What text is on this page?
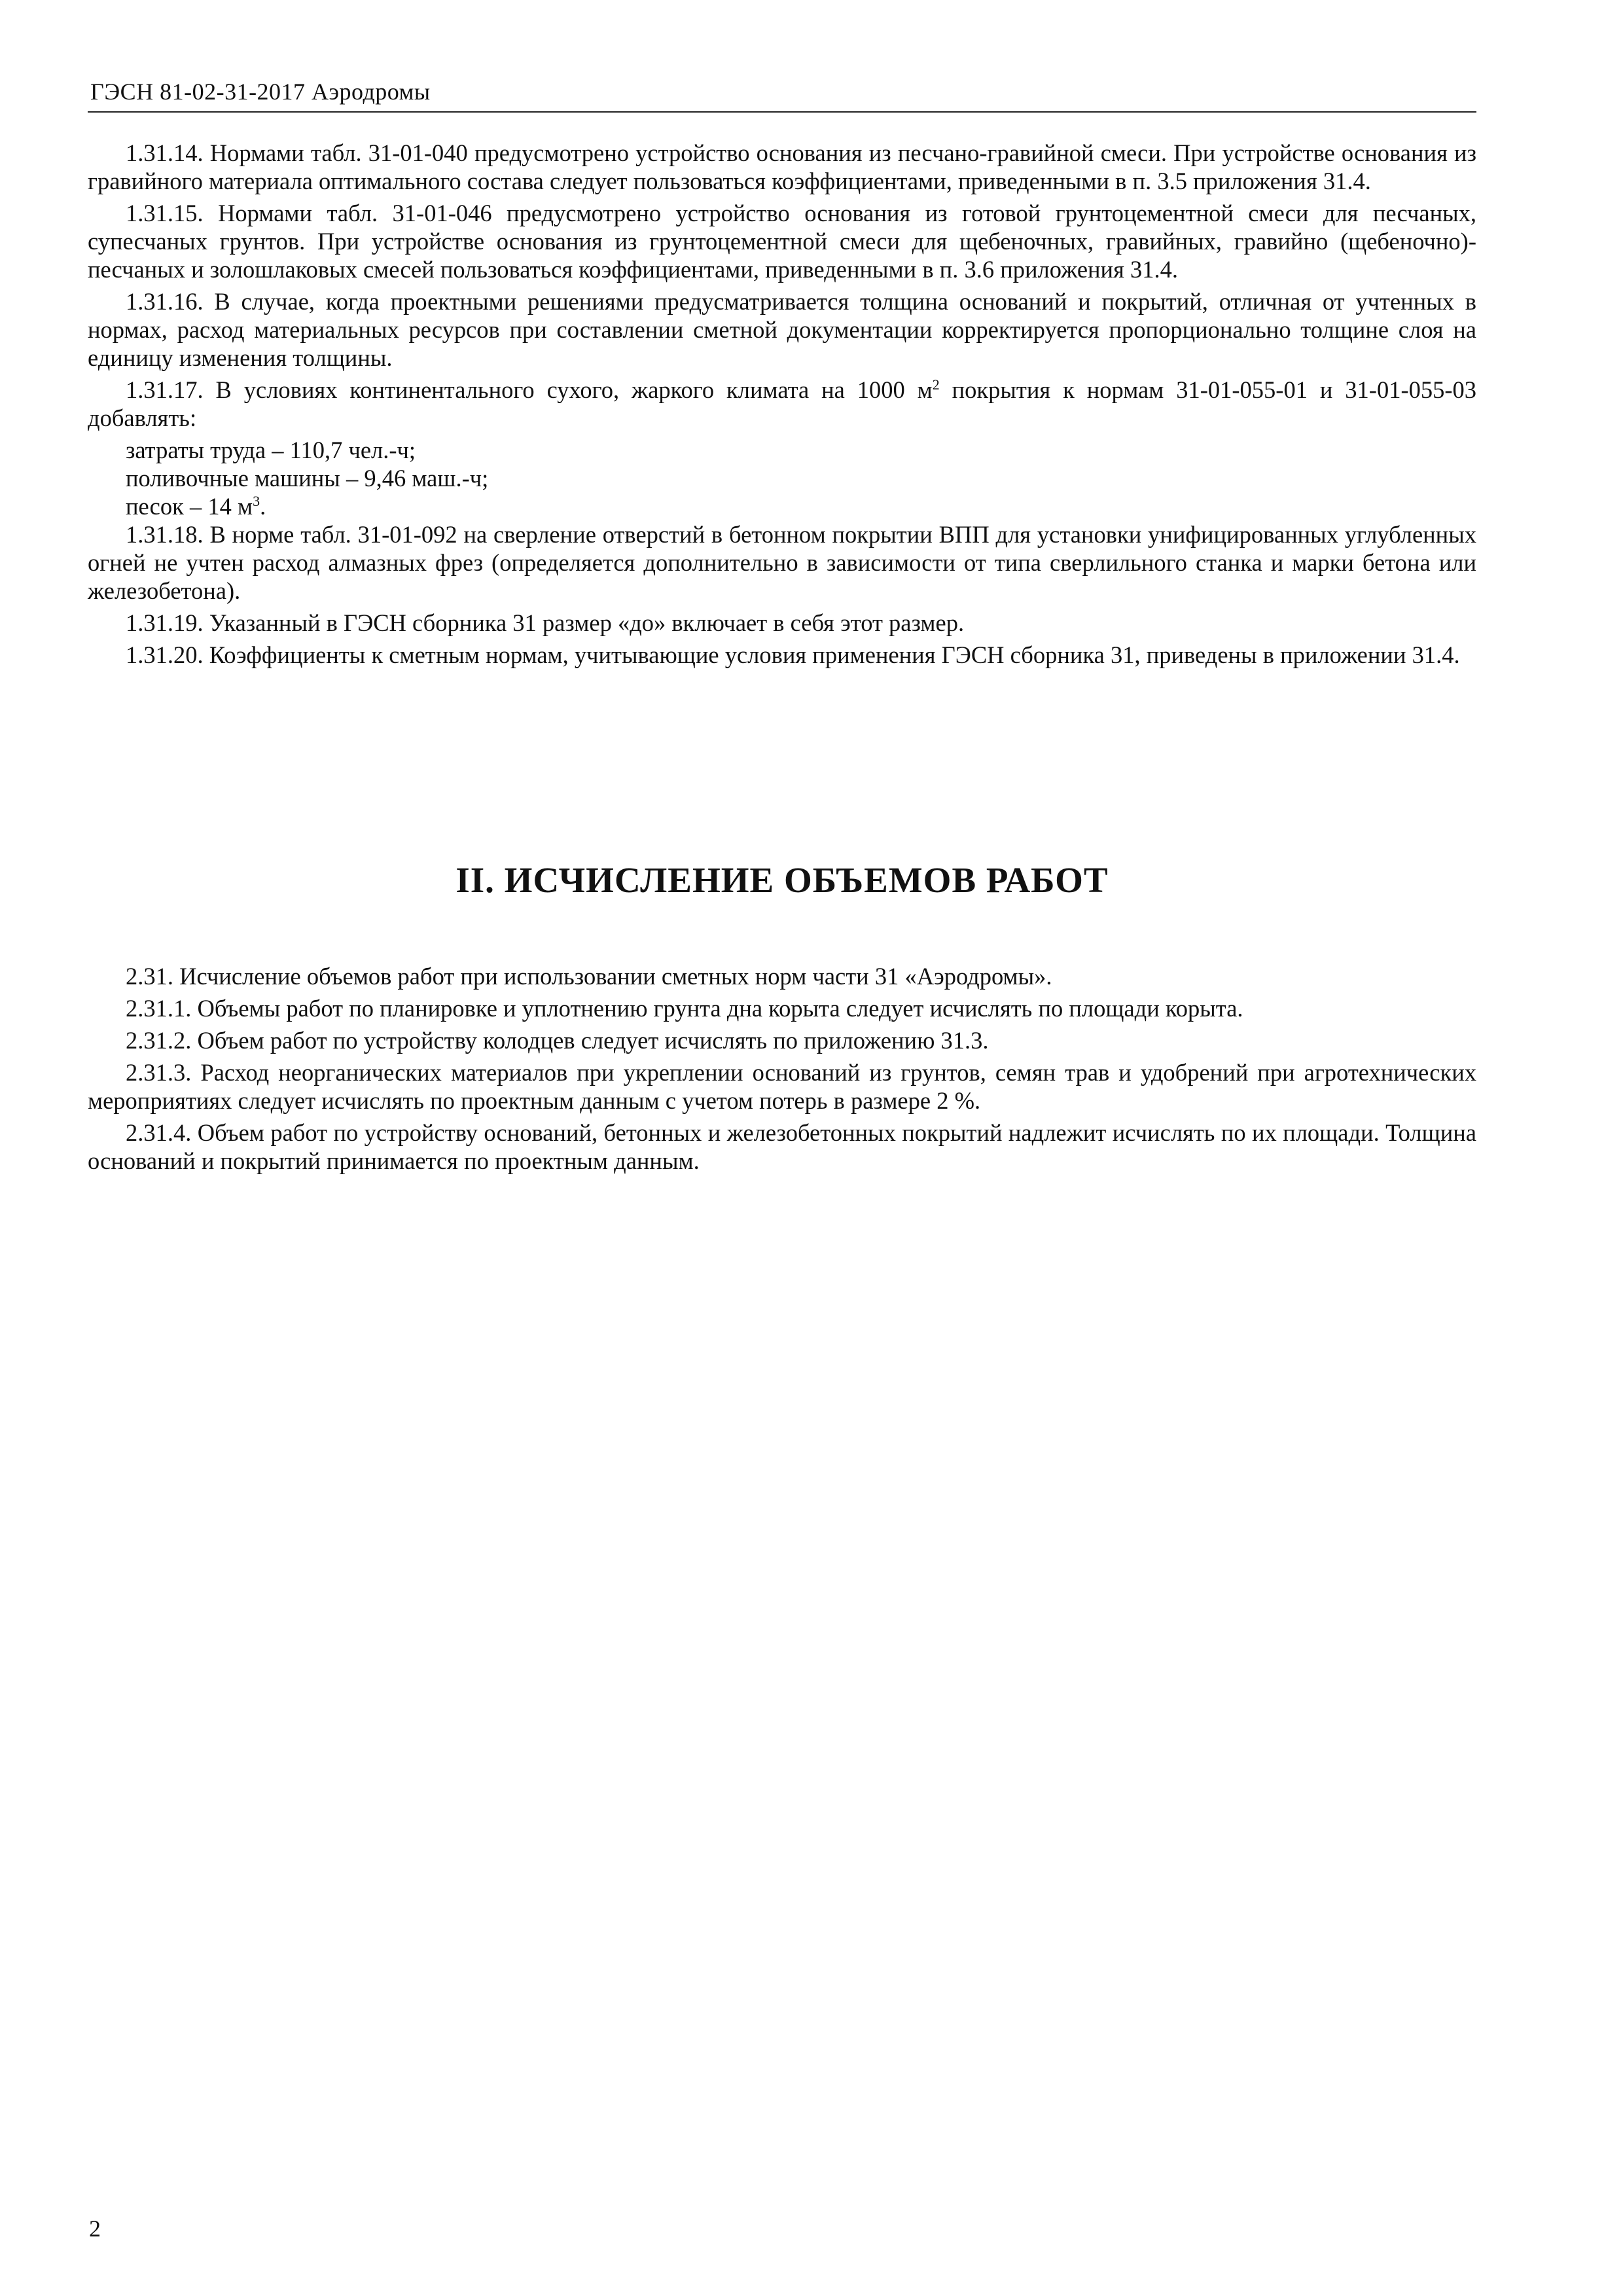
ГЭСН 81-02-31-2017 Аэродромы

1.31.14. Нормами табл. 31-01-040 предусмотрено устройство основания из песчано-гравийной смеси. При устройстве основания из гравийного материала оптимального состава следует пользоваться коэффициентами, приведенными в п. 3.5 приложения 31.4.

1.31.15. Нормами табл. 31-01-046 предусмотрено устройство основания из готовой грунтоцементной смеси для песчаных, супесчаных грунтов. При устройстве основания из грунтоцементной смеси для щебеночных, гравийных, гравийно (щебеночно)-песчаных и золошлаковых смесей пользоваться коэффициентами, приведенными в п. 3.6 приложения 31.4.

1.31.16. В случае, когда проектными решениями предусматривается толщина оснований и покрытий, отличная от учтенных в нормах, расход материальных ресурсов при составлении сметной документации корректируется пропорционально толщине слоя на единицу изменения толщины.

1.31.17. В условиях континентального сухого, жаркого климата на 1000 $м^2$ покрытия к нормам 31-01-055-01 и 31-01-055-03 добавлять:

затраты труда – 110,7 чел.-ч;

поливочные машины – 9,46 маш.-ч;

песок – 14 $м^3$.

1.31.18. В норме табл. 31-01-092 на сверление отверстий в бетонном покрытии ВПП для установки унифицированных углубленных огней не учтен расход алмазных фрез (определяется дополнительно в зависимости от типа сверлильного станка и марки бетона или железобетона).

1.31.19. Указанный в ГЭСН сборника 31 размер «до» включает в себя этот размер.

1.31.20. Коэффициенты к сметным нормам, учитывающие условия применения ГЭСН сборника 31, приведены в приложении 31.4.

II. ИСЧИСЛЕНИЕ ОБЪЕМОВ РАБОТ

2.31. Исчисление объемов работ при использовании сметных норм части 31 «Аэродромы».

2.31.1. Объемы работ по планировке и уплотнению грунта дна корыта следует исчислять по площади корыта.

2.31.2. Объем работ по устройству колодцев следует исчислять по приложению 31.3.

2.31.3. Расход неорганических материалов при укреплении оснований из грунтов, семян трав и удобрений при агротехнических мероприятиях следует исчислять по проектным данным с учетом потерь в размере 2 %.

2.31.4. Объем работ по устройству оснований, бетонных и железобетонных покрытий надлежит исчислять по их площади. Толщина оснований и покрытий принимается по проектным данным.

2
